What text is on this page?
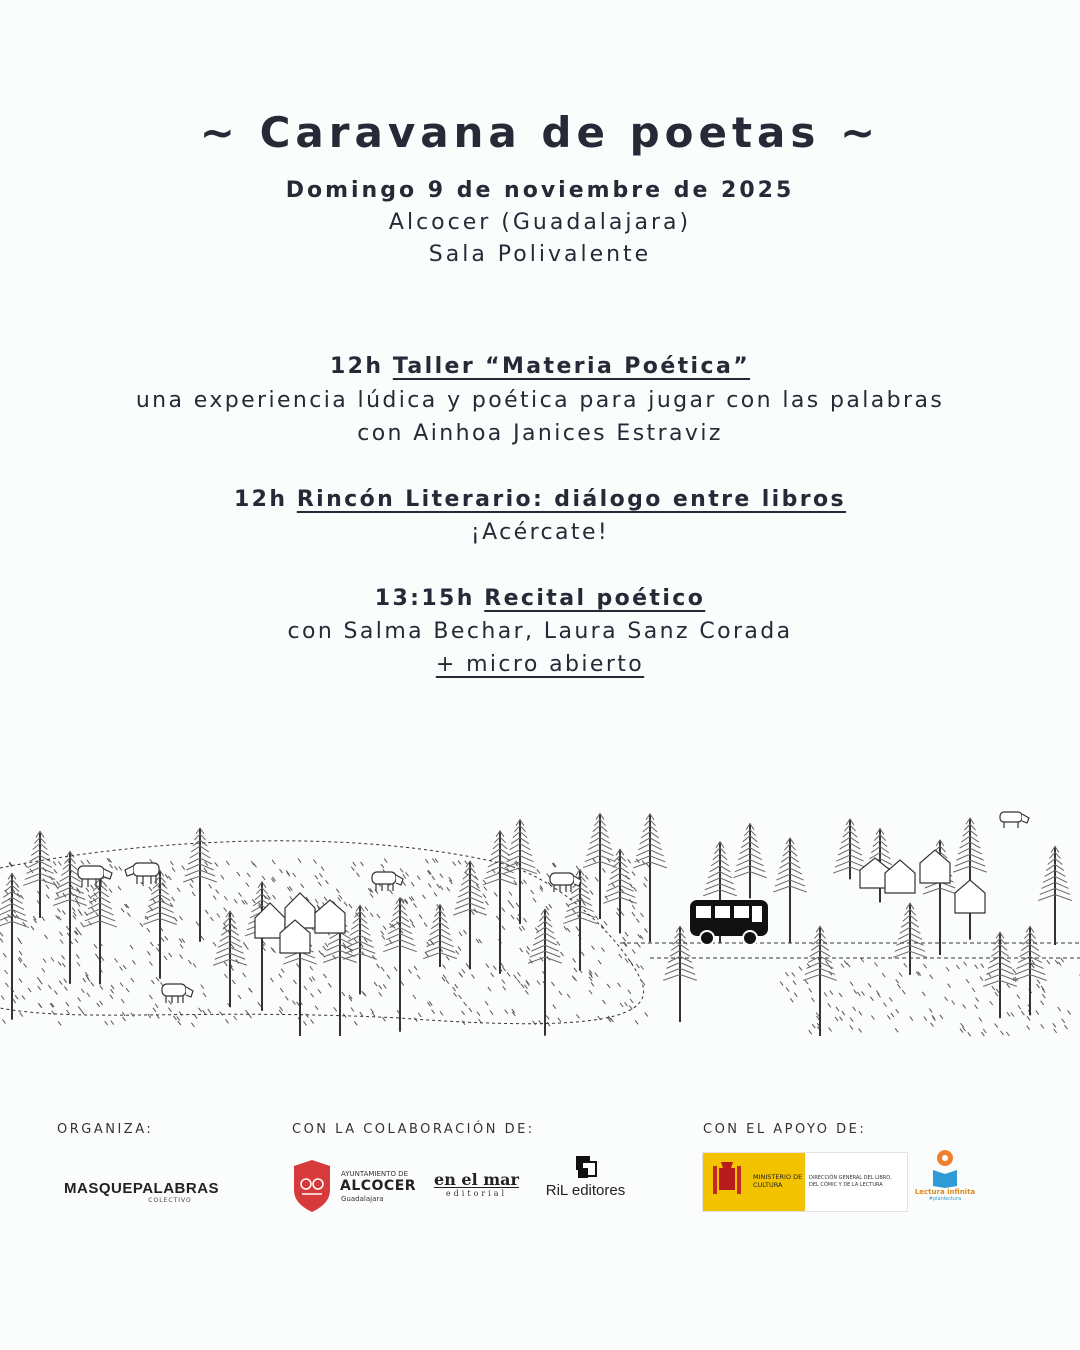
~ Caravana de poetas ~
Domingo 9 de noviembre de 2025
Alcocer (Guadalajara)
Sala Polivalente
12h Taller “Materia Poética”
una experiencia lúdica y poética para jugar con las palabras
con Ainhoa Janices Estraviz
12h Rincón Literario: diálogo entre libros
¡Acércate!
13:15h Recital poético
con Salma Bechar, Laura Sanz Corada
+ micro abierto
ORGANIZA:	CON LA COLABORACIÓN DE:	CON EL APOYO DE:
MASQUEPALABRAS
COLECTIVO
AYUNTAMIENTO DE
ALCOCER
Guadalajara
en el mar
editorial	RiL editores
MINISTERIO DE CULTURA
DIRECCIÓN GENERAL DEL LIBRO, DEL CÓMIC Y DE LA LECTURA
Lectura infinita
#planlectura
